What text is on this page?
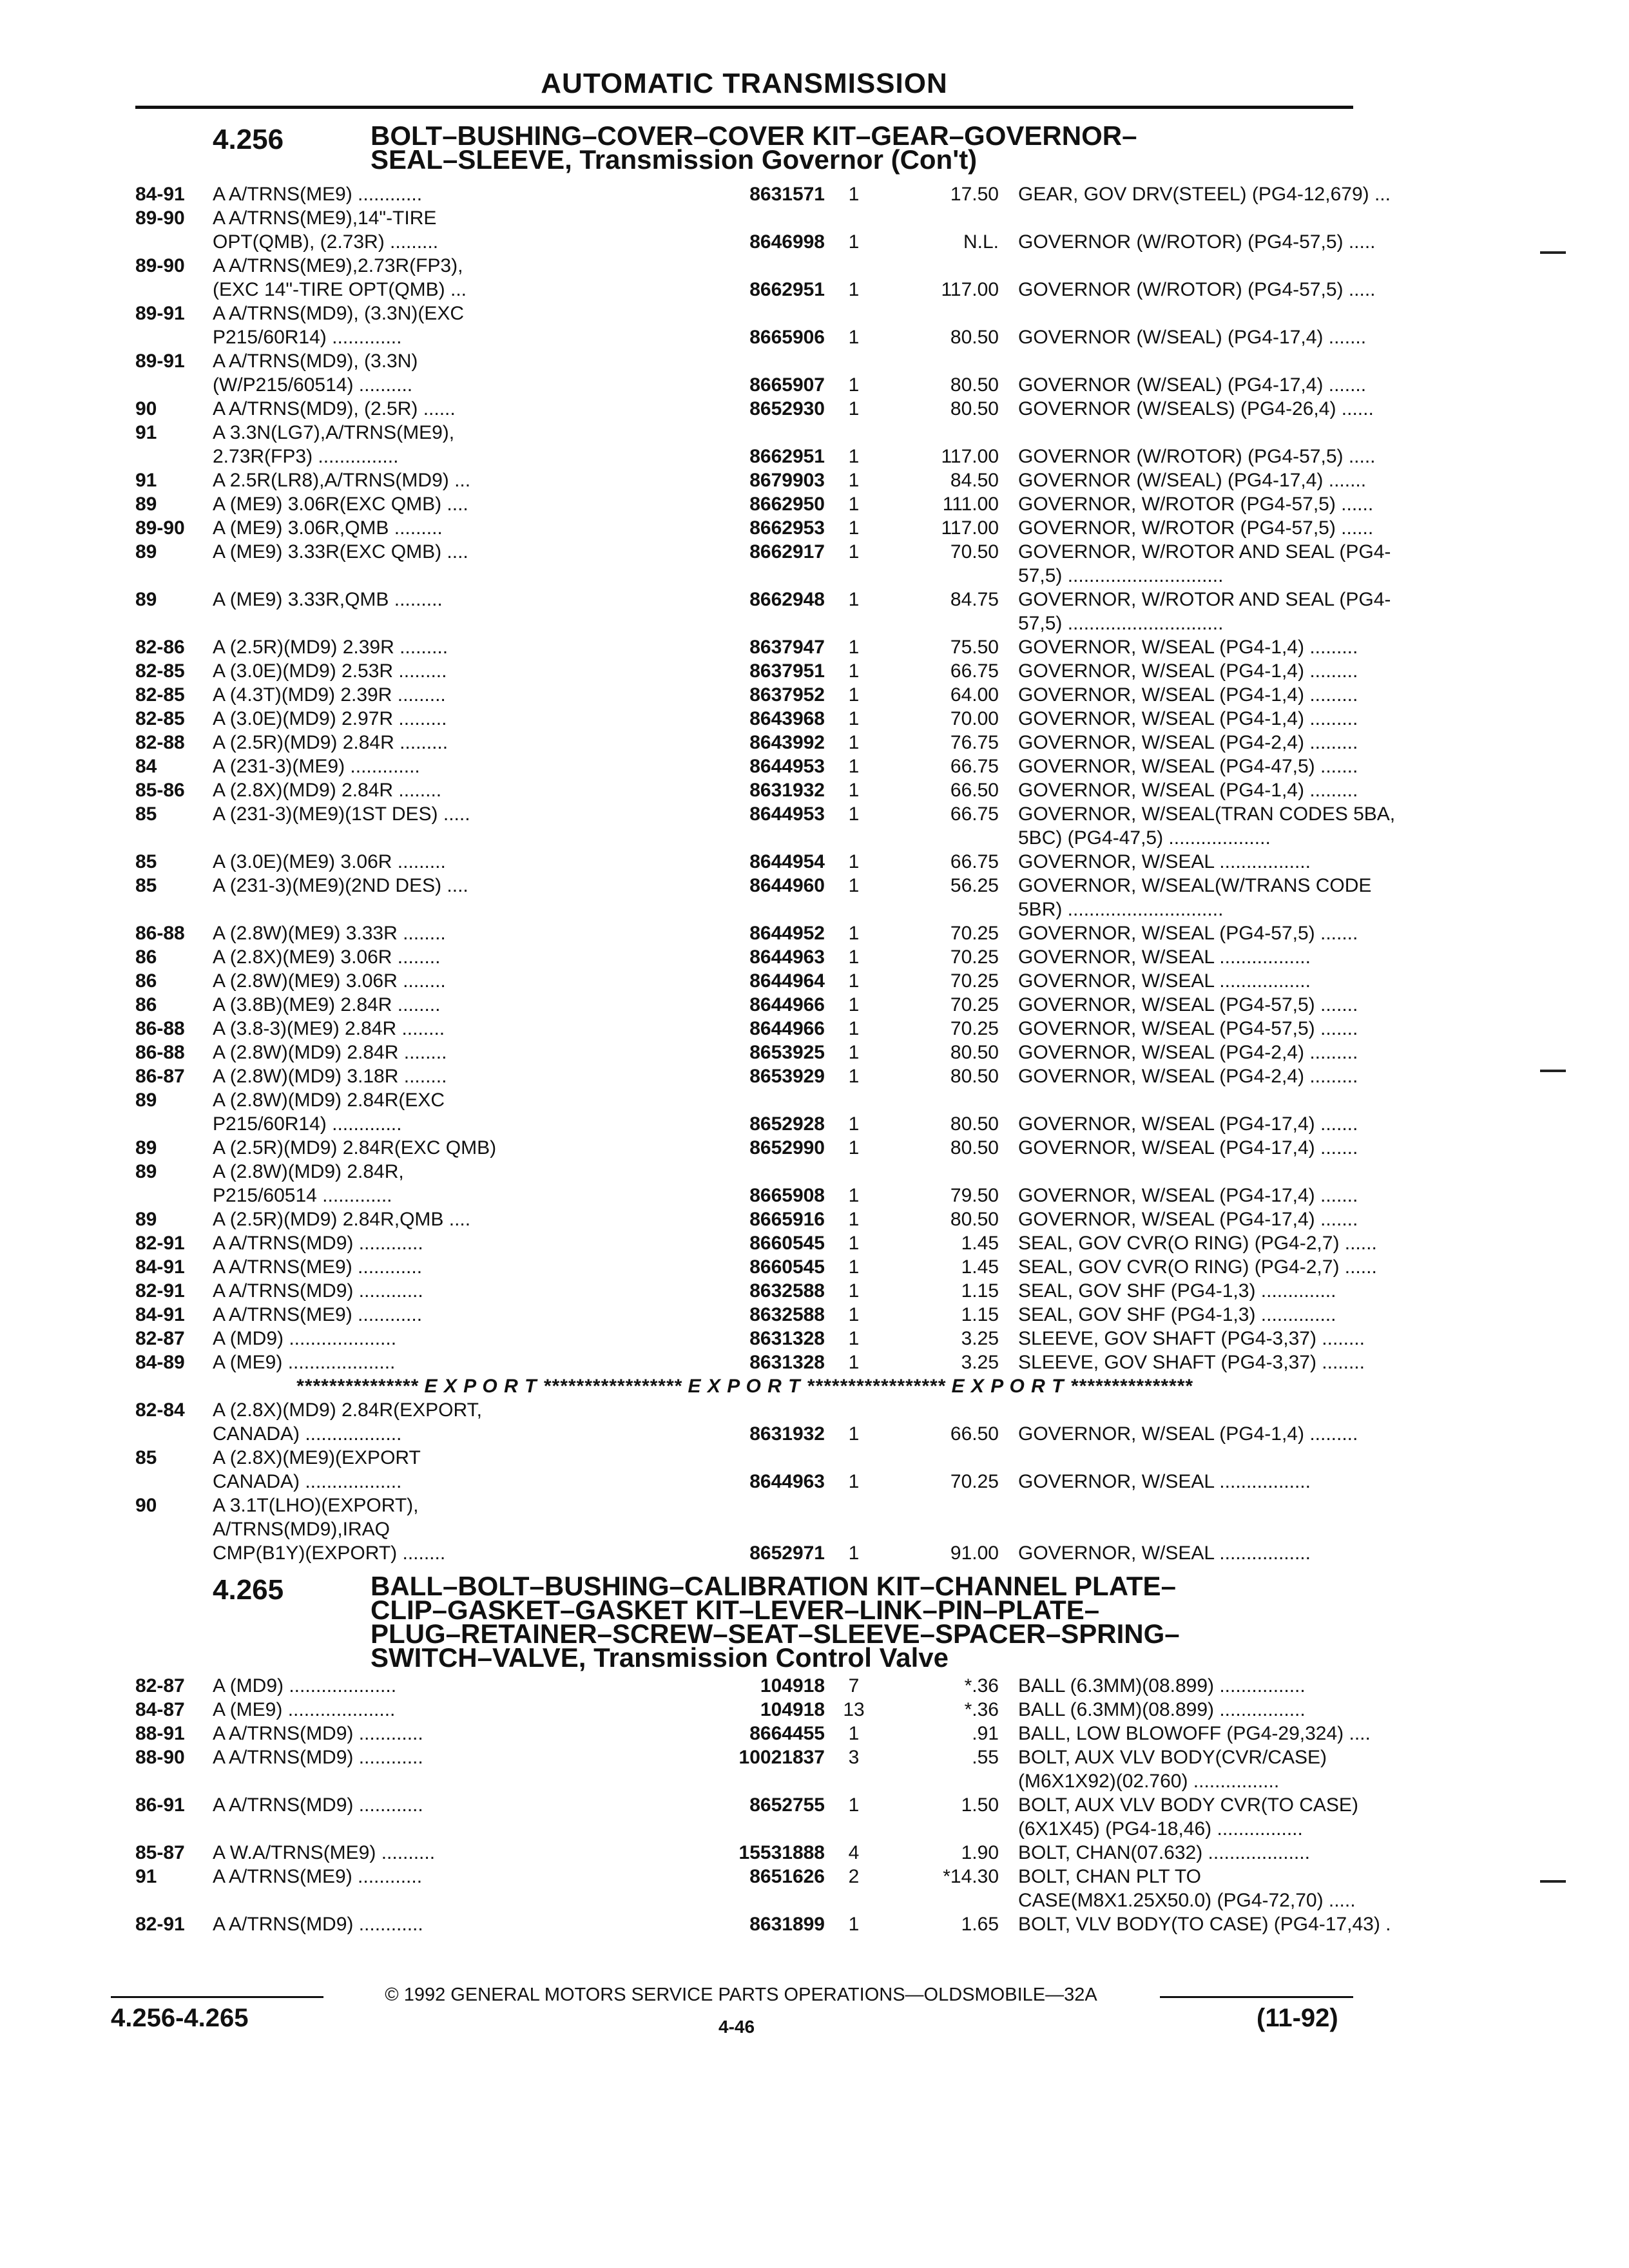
AUTOMATIC TRANSMISSION
4.256	BOLT–BUSHING–COVER–COVER KIT–GEAR–GOVERNOR–
SEAL–SLEEVE, Transmission Governor (Con't)
84-91	A A/TRNS(ME9) ............	8631571	1	17.50 GEAR, GOV DRV(STEEL) (PG4-12,679) ...
89-90	A A/TRNS(ME9),14"-TIRE
OPT(QMB), (2.73R) .........	8646998	1	N.L. GOVERNOR (W/ROTOR) (PG4-57,5) .....
89-90	A A/TRNS(ME9),2.73R(FP3),
(EXC 14"-TIRE OPT(QMB) ...	8662951	1	117.00 GOVERNOR (W/ROTOR) (PG4-57,5) .....
89-91	A A/TRNS(MD9), (3.3N)(EXC
P215/60R14) .............	8665906	1	80.50 GOVERNOR (W/SEAL) (PG4-17,4) .......
89-91	A A/TRNS(MD9), (3.3N)
(W/P215/60514) ..........	8665907	1	80.50 GOVERNOR (W/SEAL) (PG4-17,4) .......
90	A A/TRNS(MD9), (2.5R) ......	8652930	1	80.50 GOVERNOR (W/SEALS) (PG4-26,4) ......
91	A 3.3N(LG7),A/TRNS(ME9),
2.73R(FP3) ...............	8662951	1	117.00 GOVERNOR (W/ROTOR) (PG4-57,5) .....
91	A 2.5R(LR8),A/TRNS(MD9) ...	8679903	1	84.50 GOVERNOR (W/SEAL) (PG4-17,4) .......
89	A (ME9) 3.06R(EXC QMB) ....	8662950	1	111.00 GOVERNOR, W/ROTOR (PG4-57,5) ......
89-90	A (ME9) 3.06R,QMB .........	8662953	1	117.00 GOVERNOR, W/ROTOR (PG4-57,5) ......
89	A (ME9) 3.33R(EXC QMB) ....	8662917	1	70.50 GOVERNOR, W/ROTOR AND SEAL (PG4-
57,5) .............................
89	A (ME9) 3.33R,QMB .........	8662948	1	84.75 GOVERNOR, W/ROTOR AND SEAL (PG4-
57,5) .............................
82-86	A (2.5R)(MD9) 2.39R .........	8637947	1	75.50 GOVERNOR, W/SEAL (PG4-1,4) .........
82-85	A (3.0E)(MD9) 2.53R .........	8637951	1	66.75 GOVERNOR, W/SEAL (PG4-1,4) .........
82-85	A (4.3T)(MD9) 2.39R .........	8637952	1	64.00 GOVERNOR, W/SEAL (PG4-1,4) .........
82-85	A (3.0E)(MD9) 2.97R .........	8643968	1	70.00 GOVERNOR, W/SEAL (PG4-1,4) .........
82-88	A (2.5R)(MD9) 2.84R .........	8643992	1	76.75 GOVERNOR, W/SEAL (PG4-2,4) .........
84	A (231-3)(ME9) .............	8644953	1	66.75 GOVERNOR, W/SEAL (PG4-47,5) .......
85-86	A (2.8X)(MD9) 2.84R ........	8631932	1	66.50 GOVERNOR, W/SEAL (PG4-1,4) .........
85	A (231-3)(ME9)(1ST DES) .....	8644953	1	66.75 GOVERNOR, W/SEAL(TRAN CODES 5BA,
5BC) (PG4-47,5) ...................
85	A (3.0E)(ME9) 3.06R .........	8644954	1	66.75 GOVERNOR, W/SEAL .................
85	A (231-3)(ME9)(2ND DES) ....	8644960	1	56.25 GOVERNOR, W/SEAL(W/TRANS CODE
5BR) .............................
86-88	A (2.8W)(ME9) 3.33R ........	8644952	1	70.25 GOVERNOR, W/SEAL (PG4-57,5) .......
86	A (2.8X)(ME9) 3.06R ........	8644963	1	70.25 GOVERNOR, W/SEAL .................
86	A (2.8W)(ME9) 3.06R ........	8644964	1	70.25 GOVERNOR, W/SEAL .................
86	A (3.8B)(ME9) 2.84R ........	8644966	1	70.25 GOVERNOR, W/SEAL (PG4-57,5) .......
86-88	A (3.8-3)(ME9) 2.84R ........	8644966	1	70.25 GOVERNOR, W/SEAL (PG4-57,5) .......
86-88	A (2.8W)(MD9) 2.84R ........	8653925	1	80.50 GOVERNOR, W/SEAL (PG4-2,4) .........
86-87	A (2.8W)(MD9) 3.18R ........	8653929	1	80.50 GOVERNOR, W/SEAL (PG4-2,4) .........
89	A (2.8W)(MD9) 2.84R(EXC
P215/60R14) .............	8652928	1	80.50 GOVERNOR, W/SEAL (PG4-17,4) .......
89	A (2.5R)(MD9) 2.84R(EXC QMB)	8652990	1	80.50 GOVERNOR, W/SEAL (PG4-17,4) .......
89	A (2.8W)(MD9) 2.84R,
P215/60514 .............	8665908	1	79.50 GOVERNOR, W/SEAL (PG4-17,4) .......
89	A (2.5R)(MD9) 2.84R,QMB ....	8665916	1	80.50 GOVERNOR, W/SEAL (PG4-17,4) .......
82-91	A A/TRNS(MD9) ............	8660545	1	1.45 SEAL, GOV CVR(O RING) (PG4-2,7) ......
84-91	A A/TRNS(ME9) ............	8660545	1	1.45 SEAL, GOV CVR(O RING) (PG4-2,7) ......
82-91	A A/TRNS(MD9) ............	8632588	1	1.15 SEAL, GOV SHF (PG4-1,3) ..............
84-91	A A/TRNS(ME9) ............	8632588	1	1.15 SEAL, GOV SHF (PG4-1,3) ..............
82-87	A (MD9) ....................	8631328	1	3.25 SLEEVE, GOV SHAFT (PG4-3,37) ........
84-89	A (ME9) ....................	8631328	1	3.25 SLEEVE, GOV SHAFT (PG4-3,37) ........
*************** E X P O R T ***************** E X P O R T ***************** E X P O R T ***************
82-84	A (2.8X)(MD9) 2.84R(EXPORT,
CANADA) ..................	8631932	1	66.50 GOVERNOR, W/SEAL (PG4-1,4) .........
85	A (2.8X)(ME9)(EXPORT
CANADA) ..................	8644963	1	70.25 GOVERNOR, W/SEAL .................
90	A 3.1T(LHO)(EXPORT),
A/TRNS(MD9),IRAQ
CMP(B1Y)(EXPORT) ........	8652971	1	91.00 GOVERNOR, W/SEAL .................
4.265	BALL–BOLT–BUSHING–CALIBRATION KIT–CHANNEL PLATE–
CLIP–GASKET–GASKET KIT–LEVER–LINK–PIN–PLATE–
PLUG–RETAINER–SCREW–SEAT–SLEEVE–SPACER–SPRING–
SWITCH–VALVE, Transmission Control Valve
82-87	A (MD9) ....................	104918	7	*.36 BALL (6.3MM)(08.899) ................
84-87	A (ME9) ....................	104918 13	*.36 BALL (6.3MM)(08.899) ................
88-91	A A/TRNS(MD9) ............	8664455	1	.91 BALL, LOW BLOWOFF (PG4-29,324) ....
88-90	A A/TRNS(MD9) ............	10021837	3	.55 BOLT, AUX VLV BODY(CVR/CASE)
(M6X1X92)(02.760) ................
86-91	A A/TRNS(MD9) ............	8652755	1	1.50 BOLT, AUX VLV BODY CVR(TO CASE)
(6X1X45) (PG4-18,46) ................
85-87	A W.A/TRNS(ME9) ..........	15531888	4	1.90 BOLT, CHAN(07.632) ...................
91	A A/TRNS(ME9) ............	8651626	2	*14.30 BOLT, CHAN PLT TO
CASE(M8X1.25X50.0) (PG4-72,70) .....
82-91	A A/TRNS(MD9) ............	8631899	1	1.65 BOLT, VLV BODY(TO CASE) (PG4-17,43) .
© 1992 GENERAL MOTORS SERVICE PARTS OPERATIONS—OLDSMOBILE—32A
4.256-4.265	4-46	(11-92)
